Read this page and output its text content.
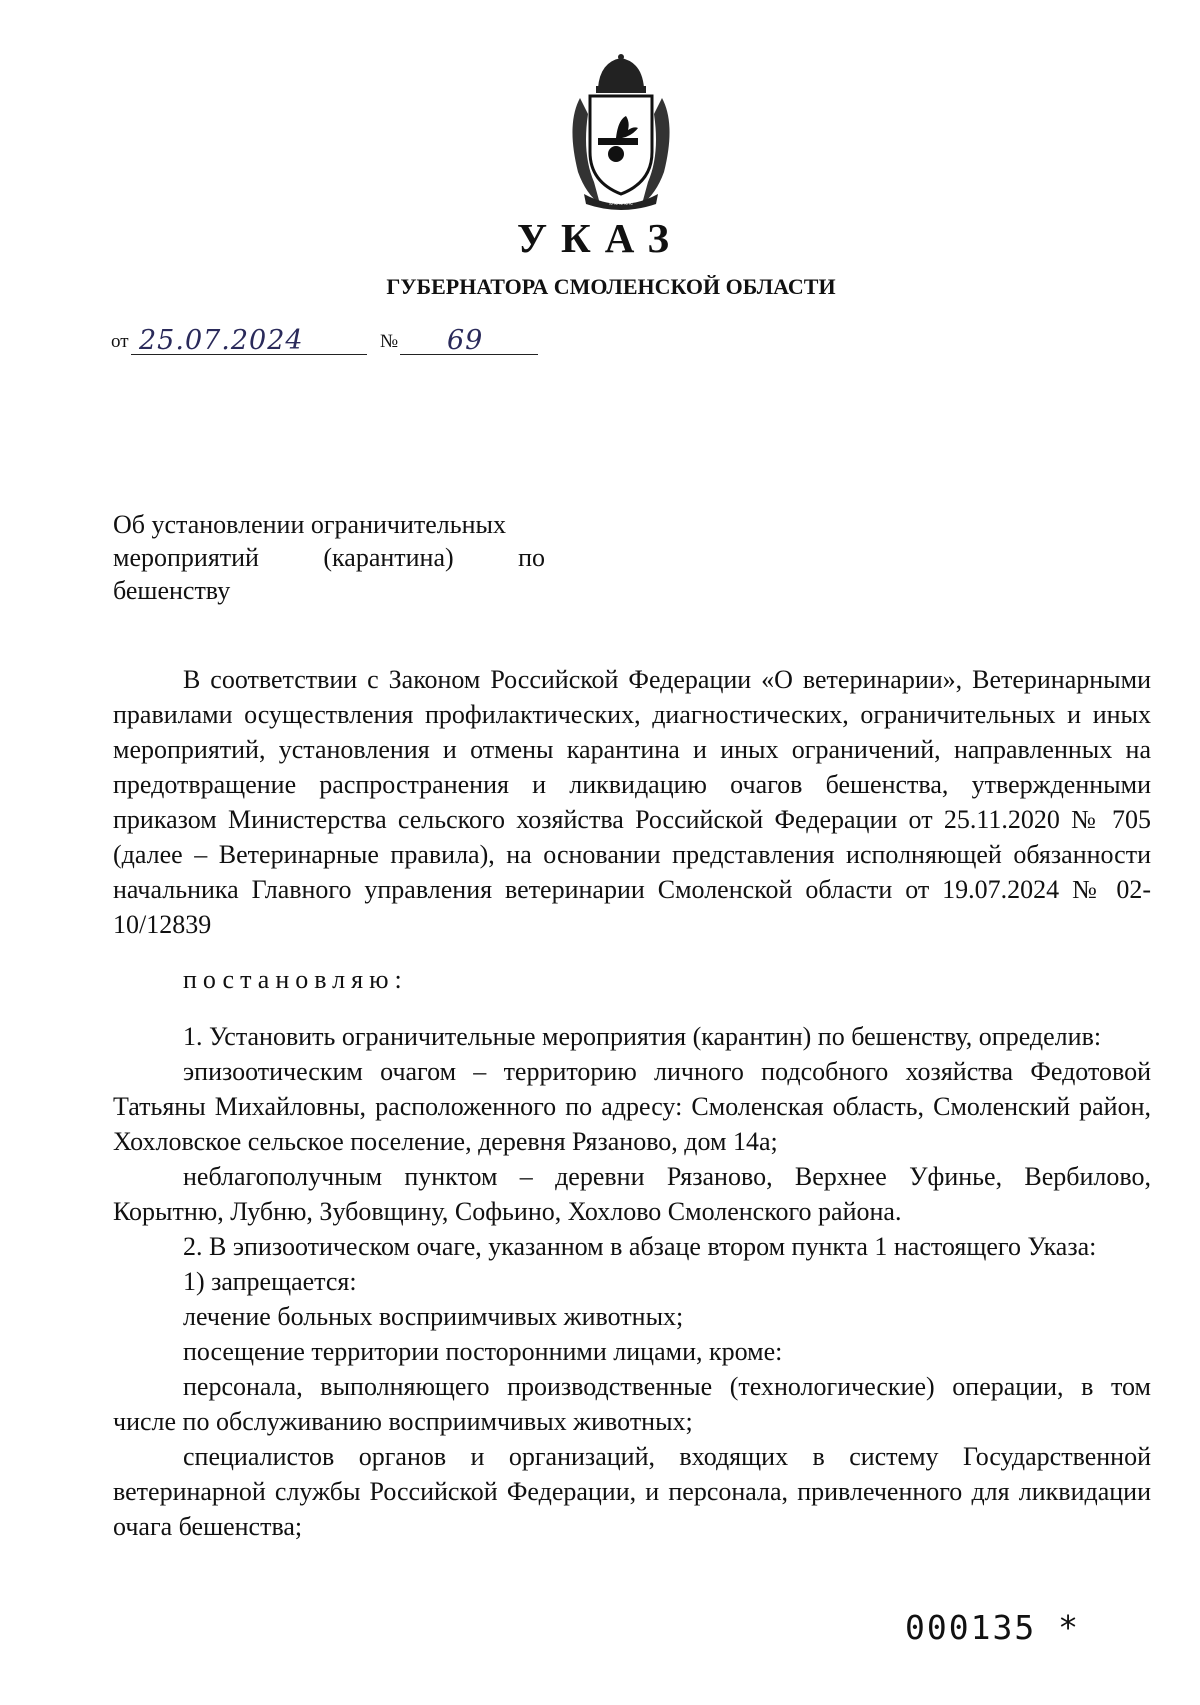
~~~~~
УКАЗ
ГУБЕРНАТОРА СМОЛЕНСКОЙ ОБЛАСТИ
от 25.07.2024	№ 69
Об установлении ограничительных
мероприятий (карантина) по
бешенству

В соответствии с Законом Российской Федерации «О ветеринарии», Ветеринарными правилами осуществления профилактических, диагностических, ограничительных и иных мероприятий, установления и отмены карантина и иных ограничений, направленных на предотвращение распространения и ликвидацию очагов бешенства, утвержденными приказом Министерства сельского хозяйства Российской Федерации от 25.11.2020 № 705 (далее – Ветеринарные правила), на основании представления исполняющей обязанности начальника Главного управления ветеринарии Смоленской области от 19.07.2024 № 02-10/12839

постановляю:

1. Установить ограничительные мероприятия (карантин) по бешенству, определив:

эпизоотическим очагом – территорию личного подсобного хозяйства Федотовой Татьяны Михайловны, расположенного по адресу: Смоленская область, Смоленский район, Хохловское сельское поселение, деревня Рязаново, дом 14а;

неблагополучным пунктом – деревни Рязаново, Верхнее Уфинье, Вербилово, Корытню, Лубню, Зубовщину, Софьино, Хохлово Смоленского района.

2. В эпизоотическом очаге, указанном в абзаце втором пункта 1 настоящего Указа:

1) запрещается:

лечение больных восприимчивых животных;

посещение территории посторонними лицами, кроме:

персонала, выполняющего производственные (технологические) операции, в том числе по обслуживанию восприимчивых животных;

специалистов органов и организаций, входящих в систему Государственной ветеринарной службы Российской Федерации, и персонала, привлеченного для ликвидации очага бешенства;

000135 *
